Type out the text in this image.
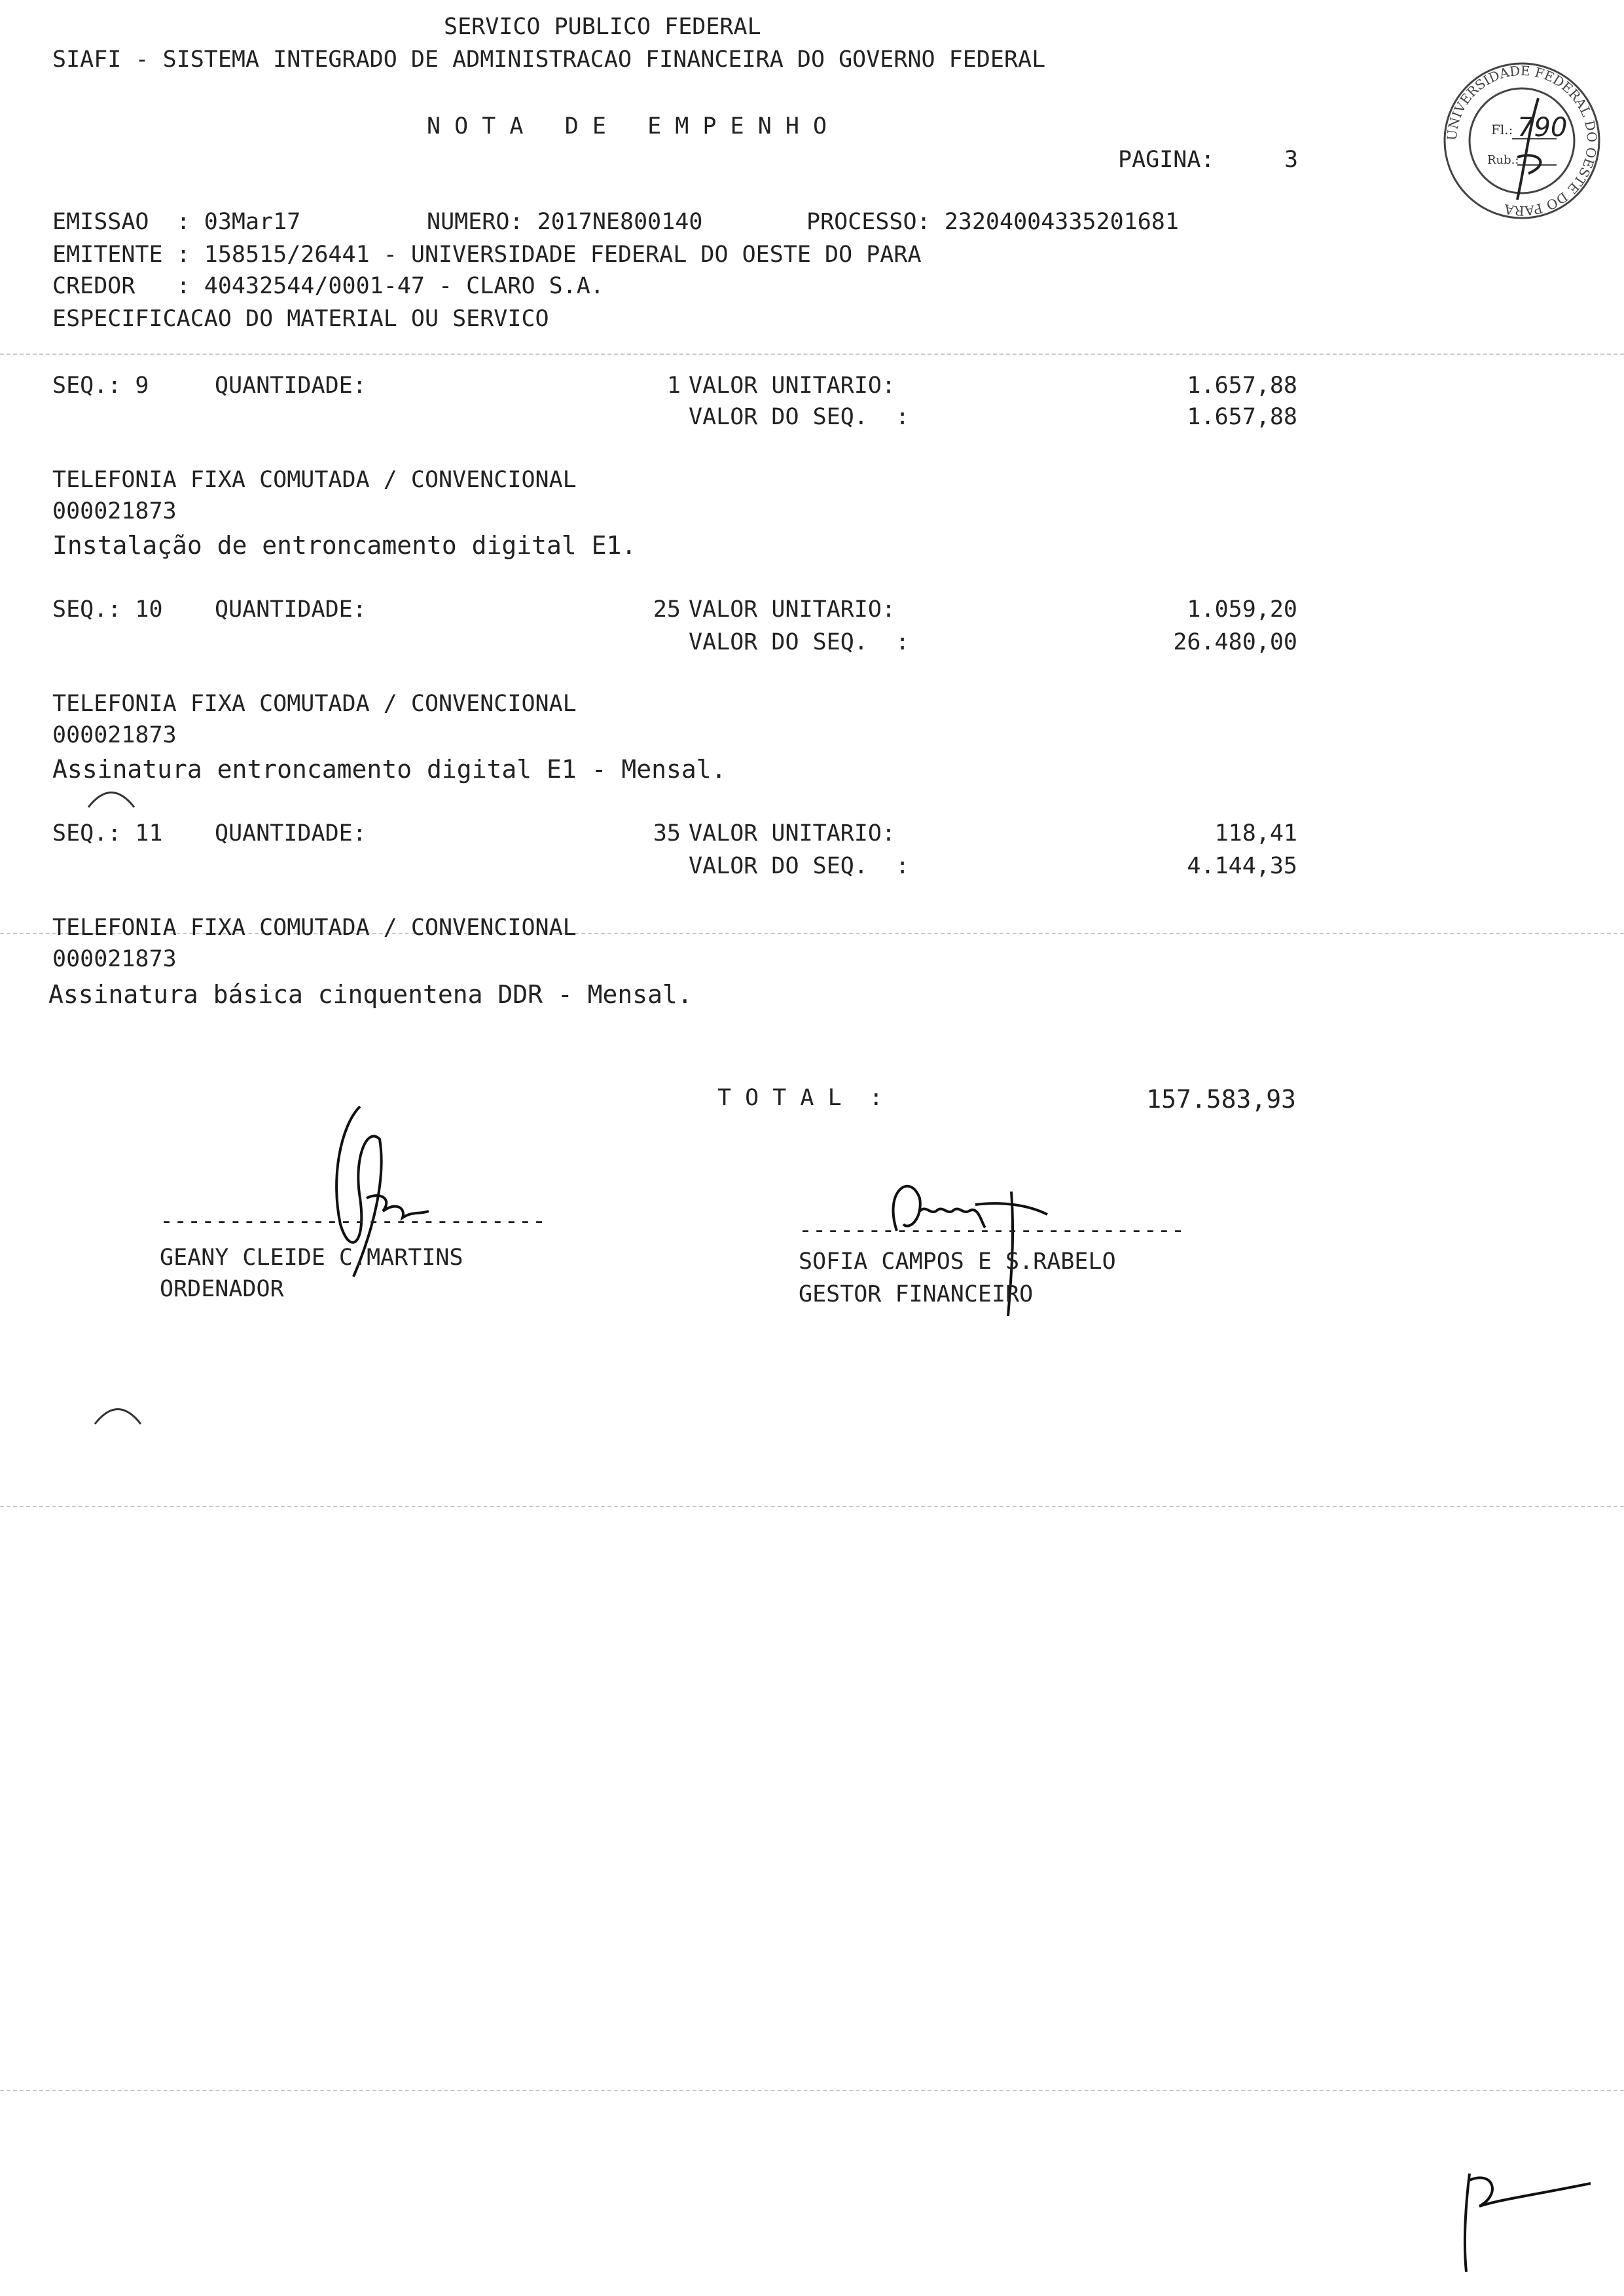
SERVICO PUBLICO FEDERAL
SIAFI - SISTEMA INTEGRADO DE ADMINISTRACAO FINANCEIRA DO GOVERNO FEDERAL
N O T A   D E   E M P E N H O
PAGINA:	3
UNIVERSIDADE FEDERAL DO OESTE DO PARA
Fl.: 790
Rub.:
EMISSAO  : 03Mar17	NUMERO: 2017NE800140	PROCESSO: 23204004335201681
EMITENTE : 158515/26441 - UNIVERSIDADE FEDERAL DO OESTE DO PARA
CREDOR   : 40432544/0001-47 - CLARO S.A.
ESPECIFICACAO DO MATERIAL OU SERVICO
SEQ.: 9	QUANTIDADE:	1 VALOR UNITARIO:	1.657,88
VALOR DO SEQ.  :	1.657,88
TELEFONIA FIXA COMUTADA / CONVENCIONAL
000021873
Instalação de entroncamento digital E1.
SEQ.: 10 QUANTIDADE:	25 VALOR UNITARIO:	1.059,20
VALOR DO SEQ.  :	26.480,00
TELEFONIA FIXA COMUTADA / CONVENCIONAL
000021873
Assinatura entroncamento digital E1 - Mensal.
SEQ.: 11 QUANTIDADE:	35 VALOR UNITARIO:	118,41
VALOR DO SEQ.  :	4.144,35
TELEFONIA FIXA COMUTADA / CONVENCIONAL
000021873
Assinatura básica cinquentena DDR - Mensal.
T O T A L  :	157.583,93
----------------------------
GEANY CLEIDE C.MARTINS
ORDENADOR
----------------------------
SOFIA CAMPOS E S.RABELO
GESTOR FINANCEIRO
